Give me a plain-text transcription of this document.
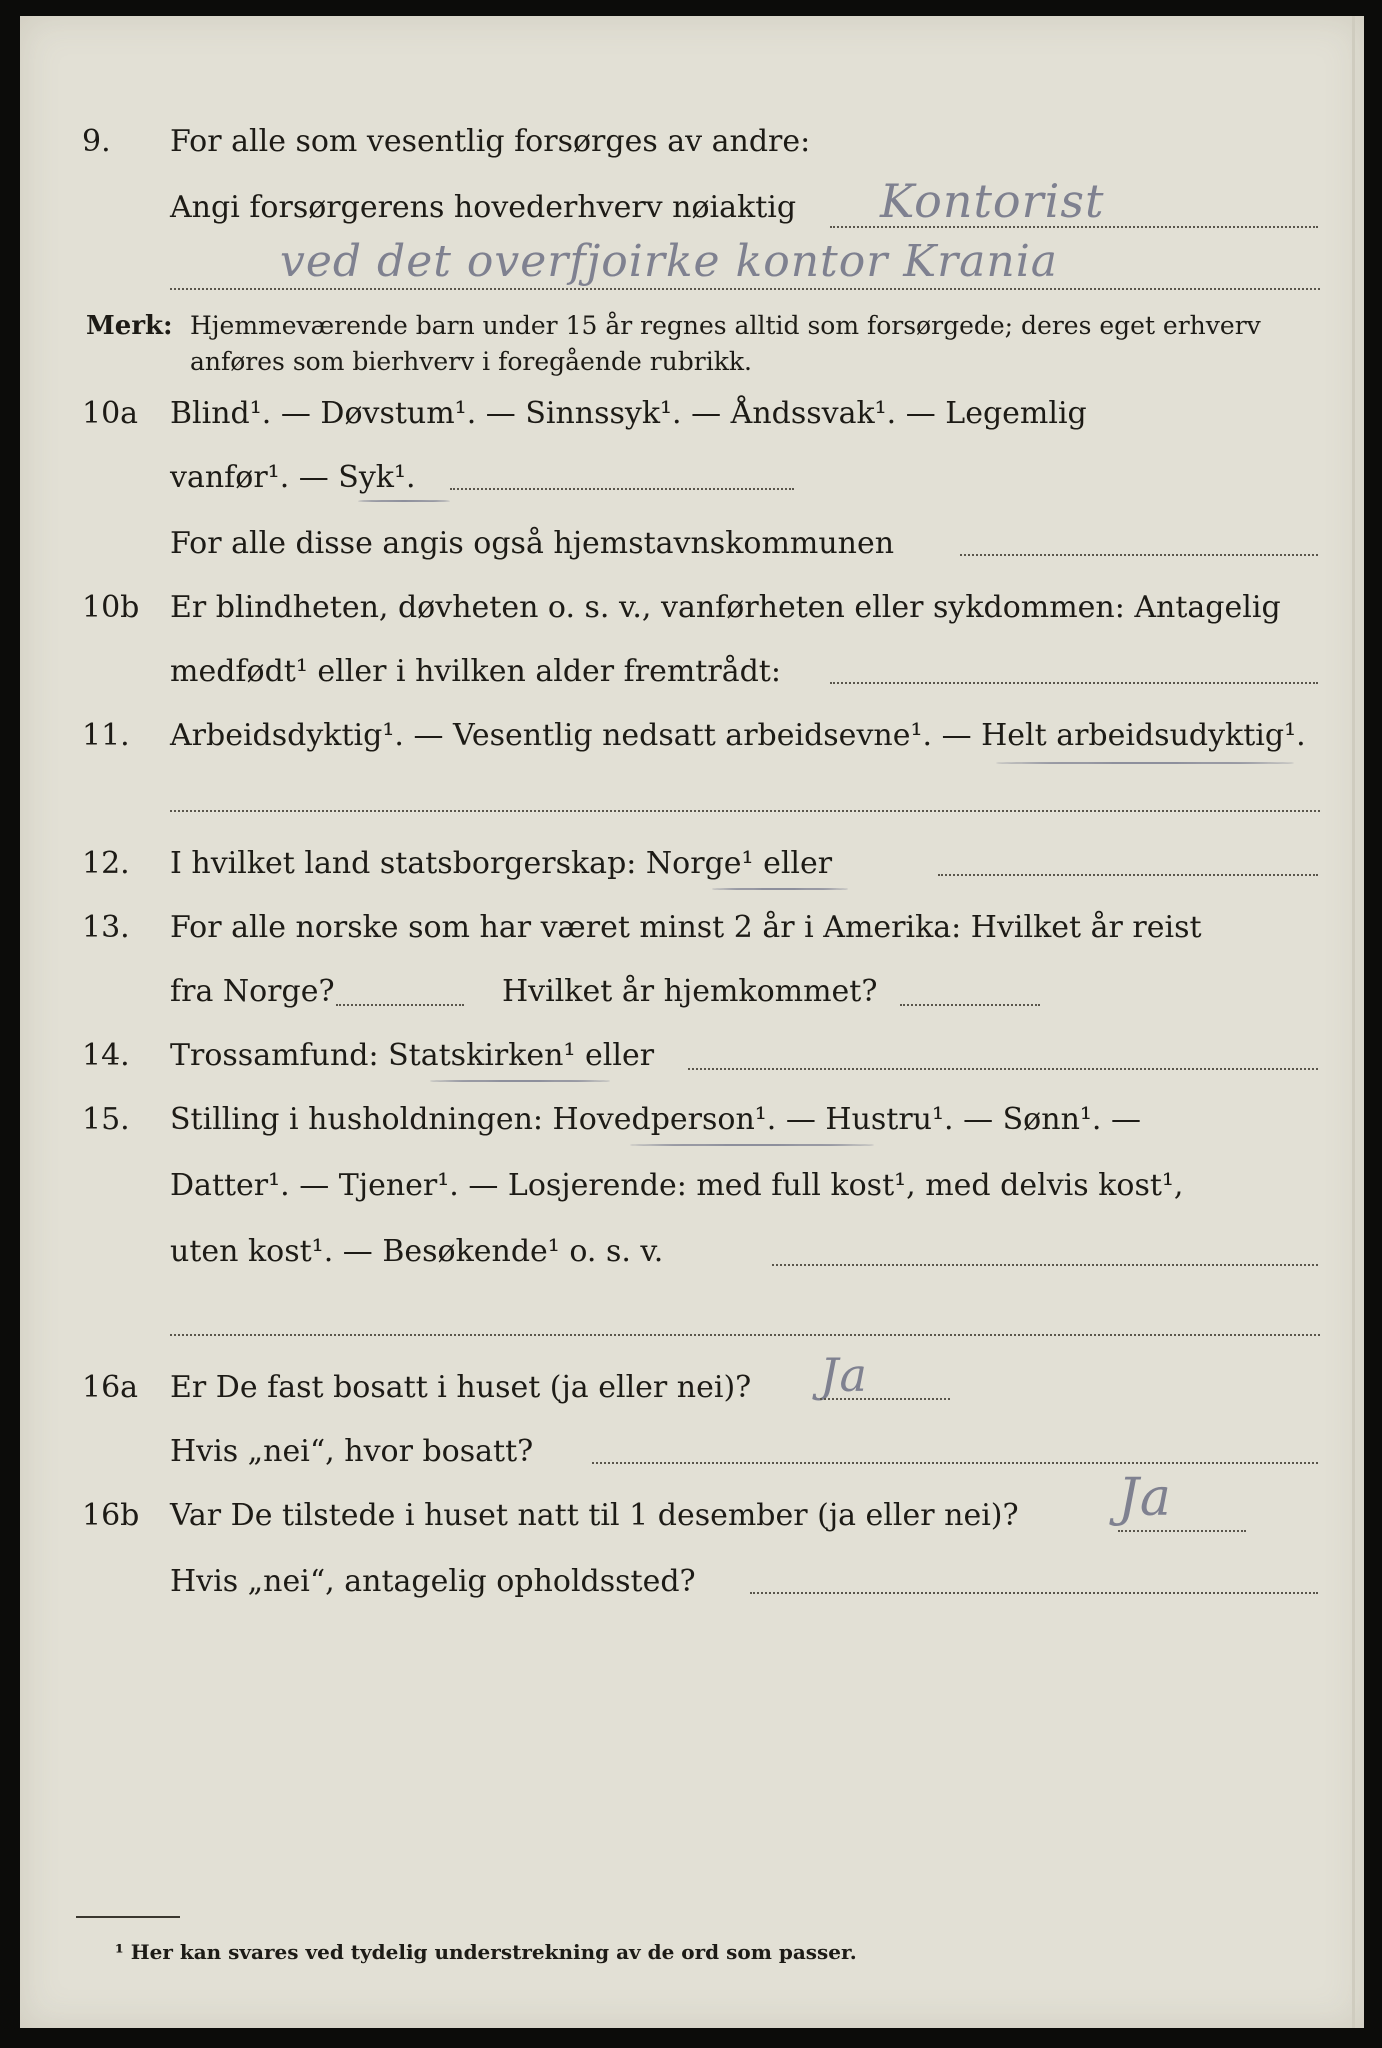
9. For alle som vesentlig forsørges av andre:
Angi forsørgerens hovederhverv nøiaktig Kontorist
ved det overfjoirke kontor Krania
Merk: Hjemmeværende barn under 15 år regnes alltid som forsørgede; deres eget erhverv
anføres som bierhverv i foregående rubrikk.
10a Blind¹. — Døvstum¹. — Sinnssyk¹. — Åndssvak¹. — Legemlig
vanfør¹. — Syk¹.
For alle disse angis også hjemstavnskommunen
10b Er blindheten, døvheten o. s. v., vanførheten eller sykdommen: Antagelig
medfødt¹ eller i hvilken alder fremtrådt:
11. Arbeidsdyktig¹. — Vesentlig nedsatt arbeidsevne¹. — Helt arbeidsudyktig¹.
12. I hvilket land statsborgerskap: Norge¹ eller
13. For alle norske som har været minst 2 år i Amerika: Hvilket år reist
fra Norge?	Hvilket år hjemkommet?
14. Trossamfund: Statskirken¹ eller
15. Stilling i husholdningen: Hovedperson¹. — Hustru¹. — Sønn¹. —
Datter¹. — Tjener¹. — Losjerende: med full kost¹, med delvis kost¹,
uten kost¹. — Besøkende¹ o. s. v.
16a Er De fast bosatt i huset (ja eller nei)? Ja
Hvis „nei“, hvor bosatt?
16b Var De tilstede i huset natt til 1 desember (ja eller nei)? Ja
Hvis „nei“, antagelig opholdssted?
¹ Her kan svares ved tydelig understrekning av de ord som passer.
